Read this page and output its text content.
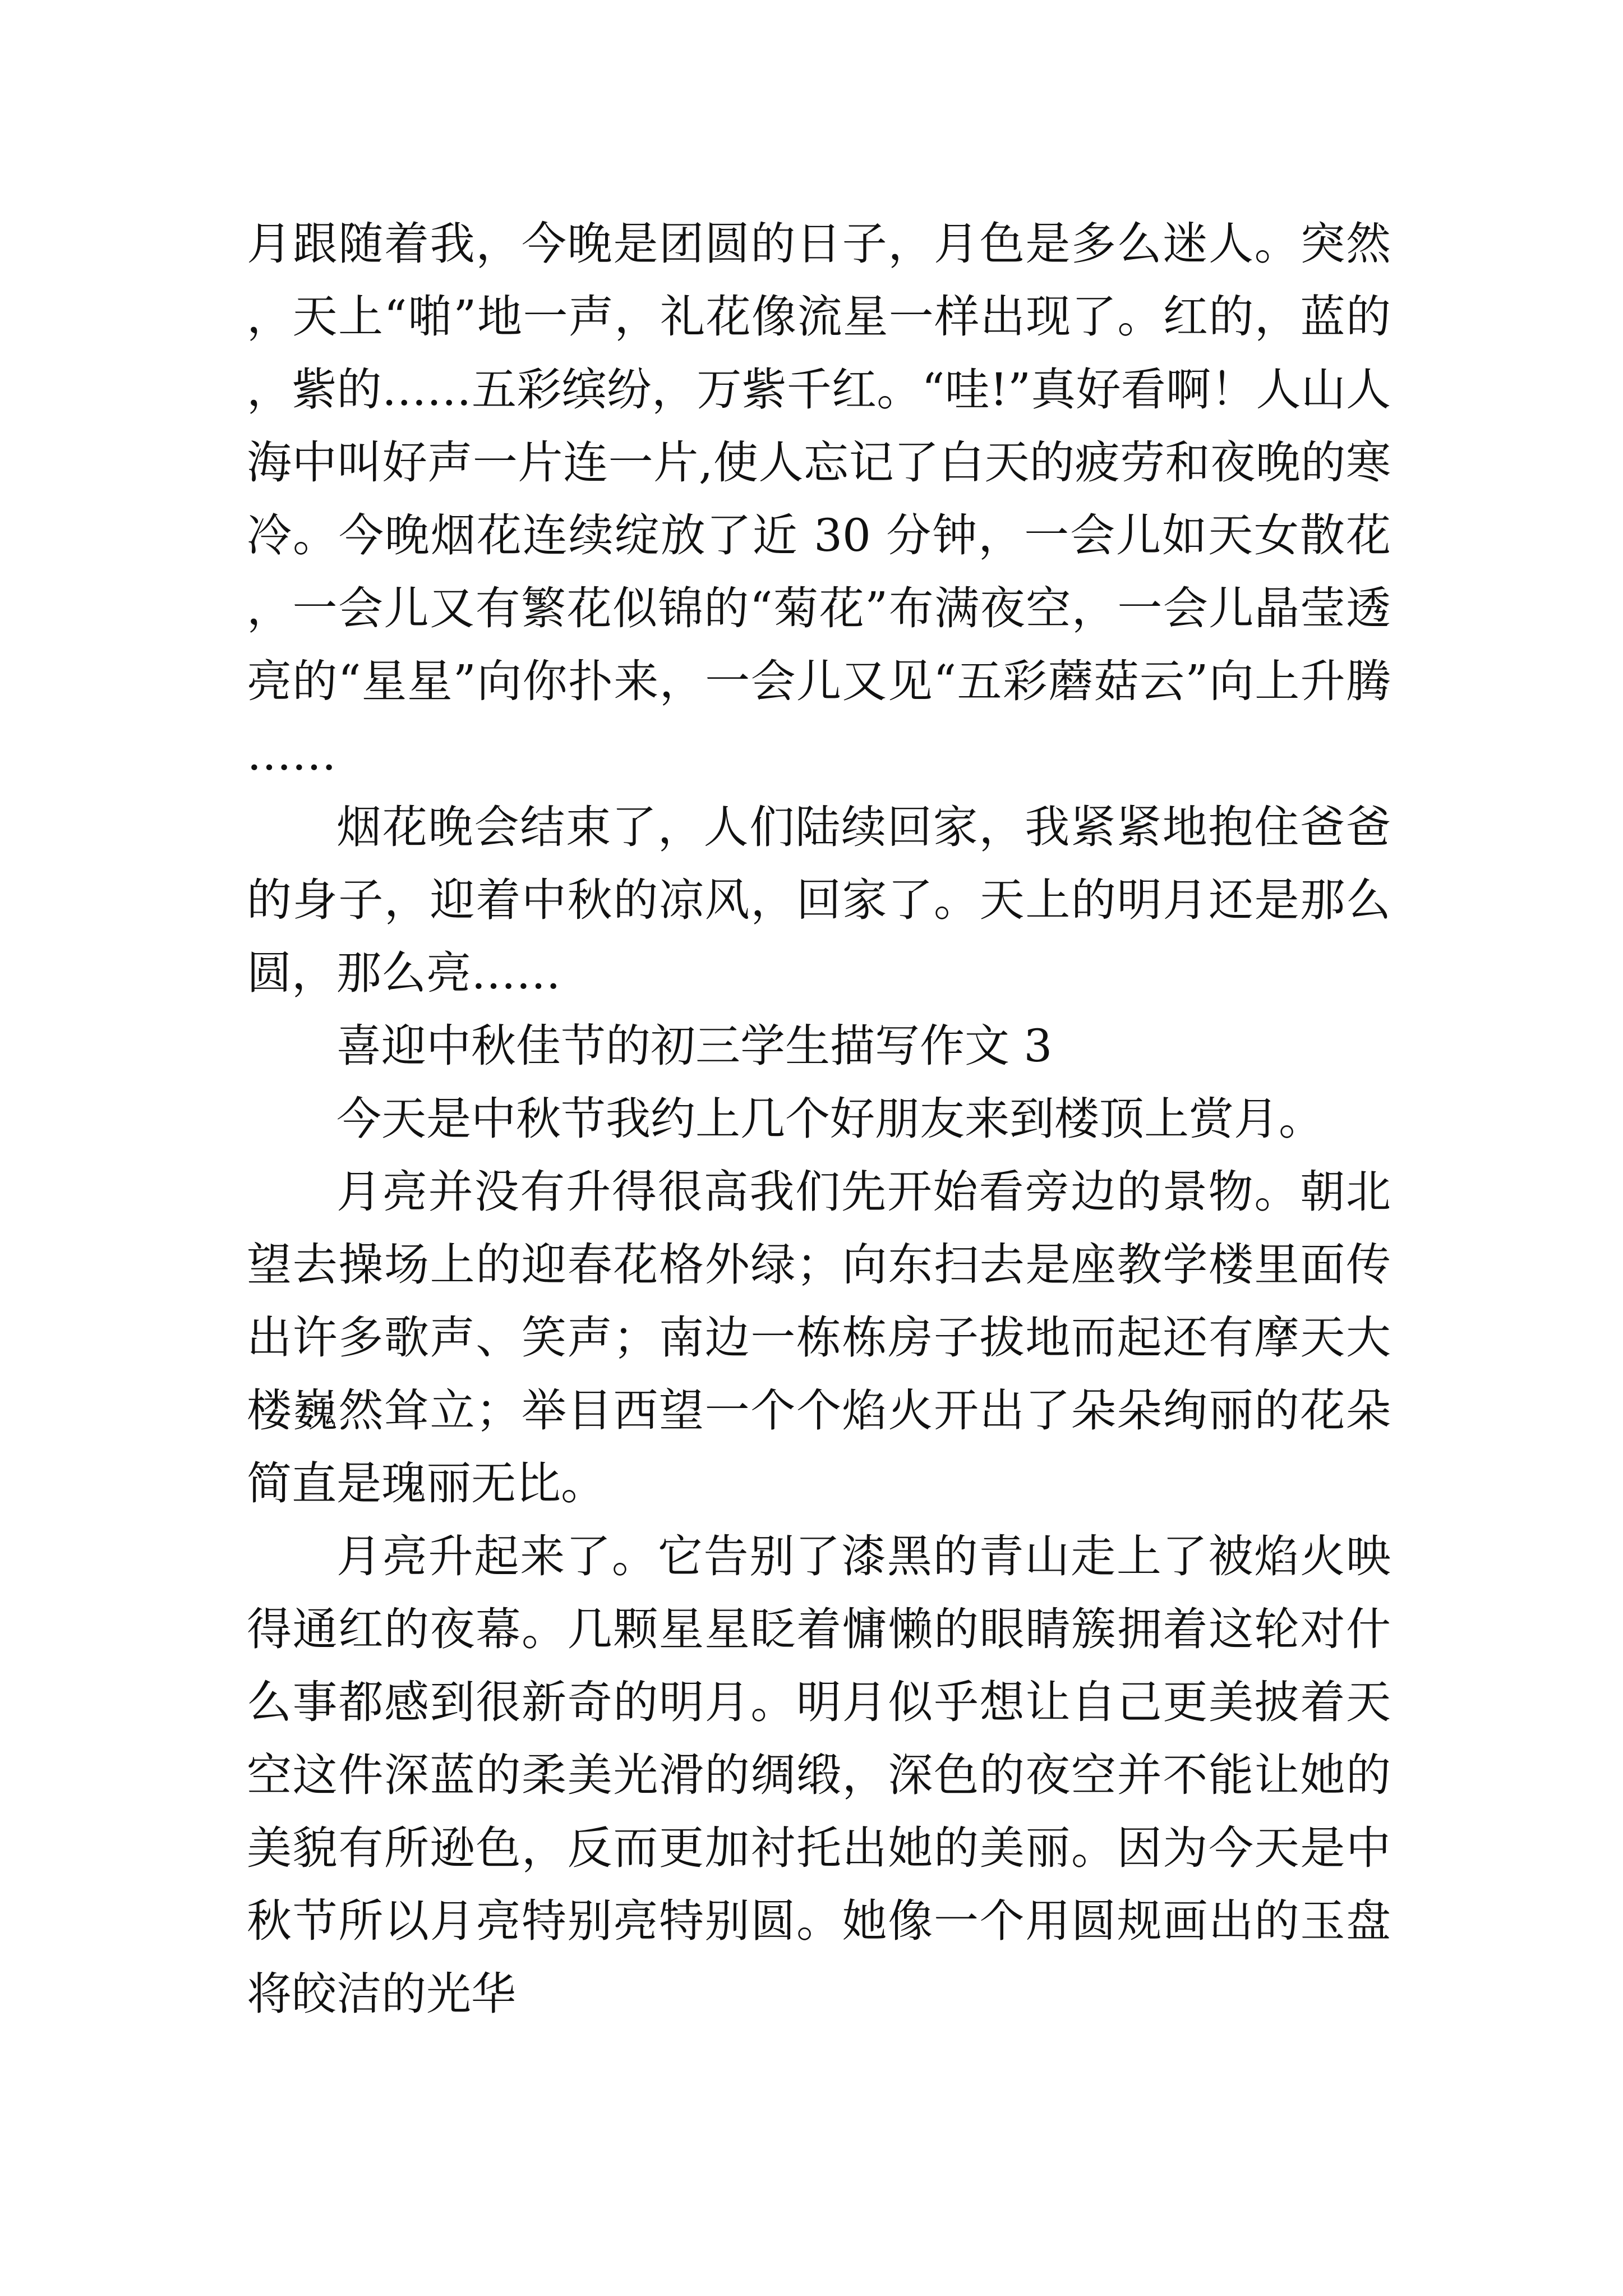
月跟随着我，今晚是团圆的日子，月色是多么迷人。突然，天上“啪”地一声，礼花像流星一样出现了。红的，蓝的，紫的……五彩缤纷，万紫千红。“哇!”真好看啊！人山人海中叫好声一片连一片,使人忘记了白天的疲劳和夜晚的寒冷。今晚烟花连续绽放了近 30 分钟，一会儿如天女散花，一会儿又有繁花似锦的“菊花”布满夜空，一会儿晶莹透亮的“星星”向你扑来，一会儿又见“五彩蘑菇云”向上升腾……

烟花晚会结束了，人们陆续回家，我紧紧地抱住爸爸的身子，迎着中秋的凉风，回家了。天上的明月还是那么圆，那么亮……

喜迎中秋佳节的初三学生描写作文 3

今天是中秋节我约上几个好朋友来到楼顶上赏月。

月亮并没有升得很高我们先开始看旁边的景物。朝北望去操场上的迎春花格外绿；向东扫去是座教学楼里面传出许多歌声、笑声；南边一栋栋房子拔地而起还有摩天大楼巍然耸立；举目西望一个个焰火开出了朵朵绚丽的花朵简直是瑰丽无比。

月亮升起来了。它告别了漆黑的青山走上了被焰火映得通红的夜幕。几颗星星眨着慵懒的眼睛簇拥着这轮对什么事都感到很新奇的明月。明月似乎想让自己更美披着天空这件深蓝的柔美光滑的绸缎，深色的夜空并不能让她的美貌有所逊色，反而更加衬托出她的美丽。因为今天是中秋节所以月亮特别亮特别圆。她像一个用圆规画出的玉盘将皎洁的光华
